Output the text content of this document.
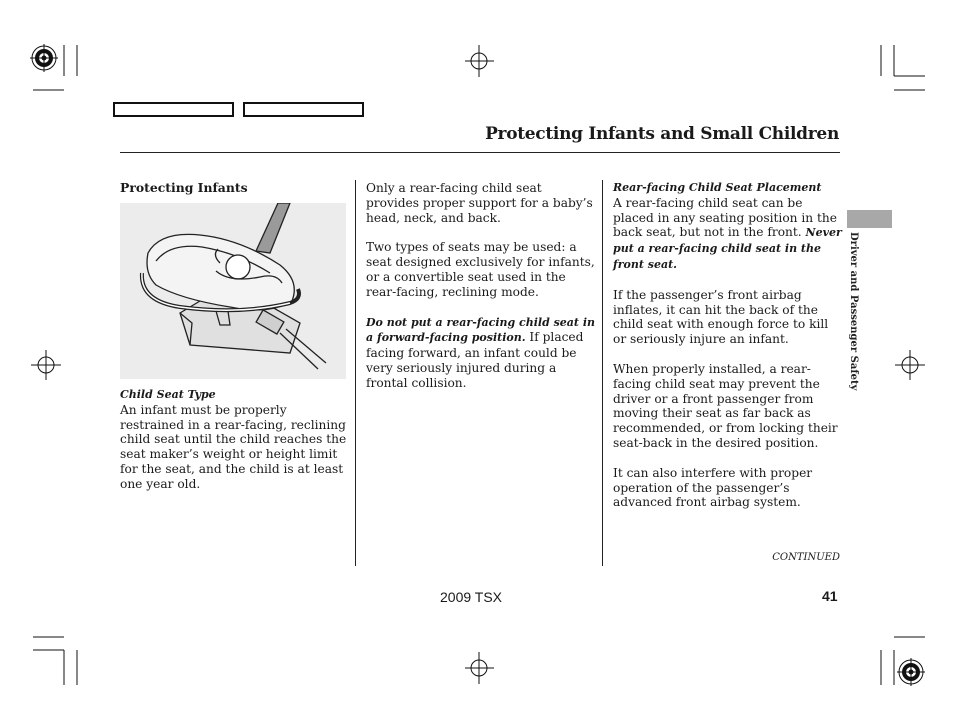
Protecting Infants and Small Children
Protecting Infants
Child Seat Type
An infant must be properly restrained in a rear-facing, reclining child seat until the child reaches the seat maker’s weight or height limit for the seat, and the child is at least one year old.

Only a rear-facing child seat provides proper support for a baby’s head, neck, and back.

Two types of seats may be used: a seat designed exclusively for infants, or a convertible seat used in the rear-facing, reclining mode.

Do not put a rear-facing child seat in a forward-facing position. If placed facing forward, an infant could be very seriously injured during a frontal collision.

Rear-facing Child Seat Placement

A rear-facing child seat can be placed in any seating position in the back seat, but not in the front. Never put a rear-facing child seat in the front seat.

If the passenger’s front airbag inflates, it can hit the back of the child seat with enough force to kill or seriously injure an infant.

When properly installed, a rear-facing child seat may prevent the driver or a front passenger from moving their seat as far back as recommended, or from locking their seat-back in the desired position.

It can also interfere with proper operation of the passenger’s advanced front airbag system.

CONTINUED
Driver and Passenger Safety
2009 TSX	41
